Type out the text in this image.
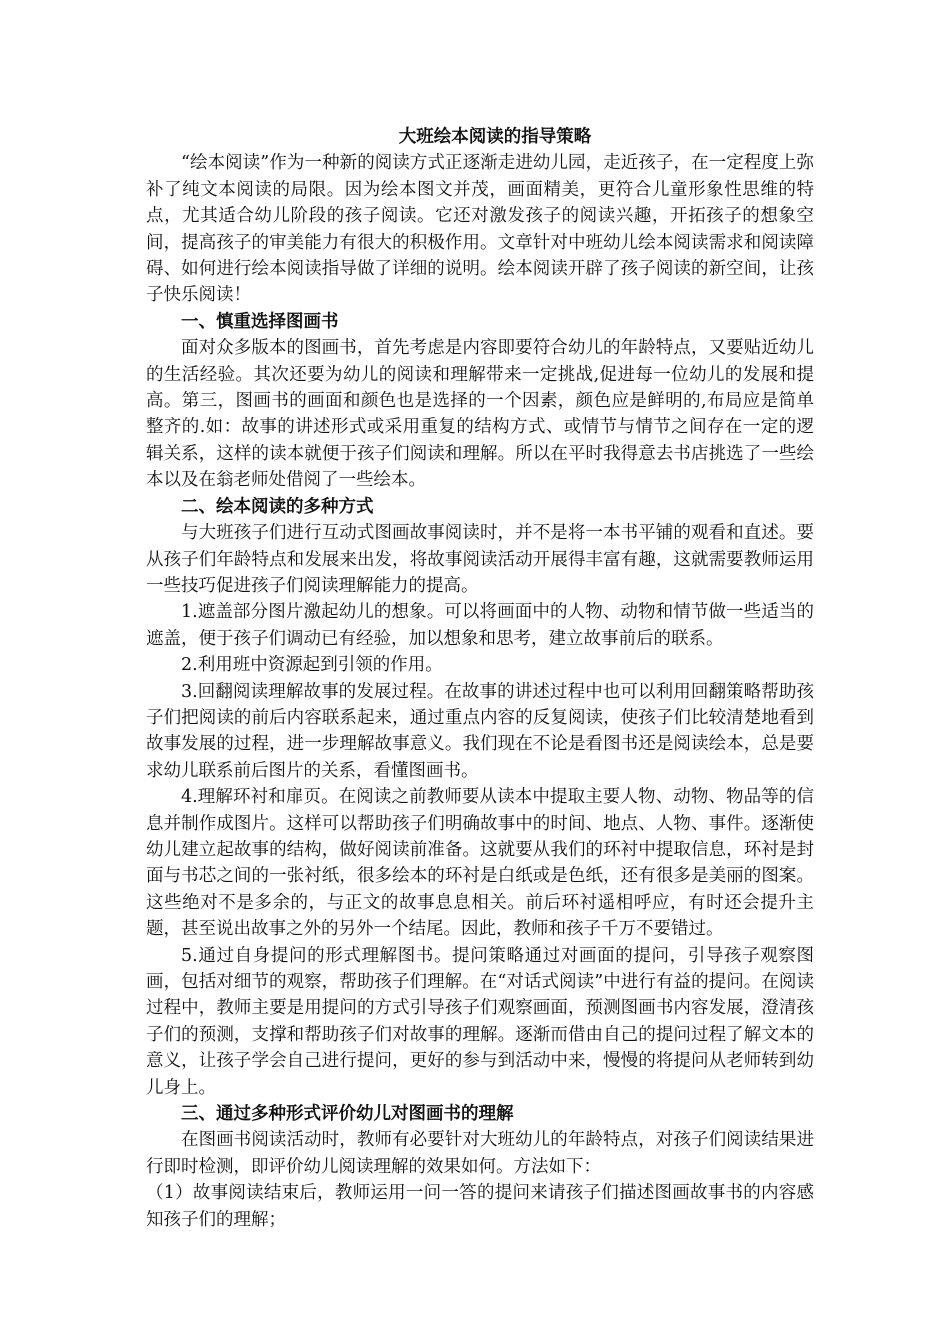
大班绘本阅读的指导策略

“绘本阅读”作为一种新的阅读方式正逐渐走进幼儿园，走近孩子，在一定程度上弥补了纯文本阅读的局限。因为绘本图文并茂，画面精美，更符合儿童形象性思维的特点，尤其适合幼儿阶段的孩子阅读。它还对激发孩子的阅读兴趣，开拓孩子的想象空间，提高孩子的审美能力有很大的积极作用。文章针对中班幼儿绘本阅读需求和阅读障碍、如何进行绘本阅读指导做了详细的说明。绘本阅读开辟了孩子阅读的新空间，让孩子快乐阅读！

一、慎重选择图画书

面对众多版本的图画书，首先考虑是内容即要符合幼儿的年龄特点，又要贴近幼儿的生活经验。其次还要为幼儿的阅读和理解带来一定挑战,促进每一位幼儿的发展和提高。第三，图画书的画面和颜色也是选择的一个因素，颜色应是鲜明的,布局应是简单整齐的.如：故事的讲述形式或采用重复的结构方式、或情节与情节之间存在一定的逻辑关系，这样的读本就便于孩子们阅读和理解。所以在平时我得意去书店挑选了一些绘本以及在翁老师处借阅了一些绘本。

二、绘本阅读的多种方式

与大班孩子们进行互动式图画故事阅读时，并不是将一本书平铺的观看和直述。要从孩子们年龄特点和发展来出发，将故事阅读活动开展得丰富有趣，这就需要教师运用一些技巧促进孩子们阅读理解能力的提高。

1.遮盖部分图片激起幼儿的想象。可以将画面中的人物、动物和情节做一些适当的遮盖，便于孩子们调动已有经验，加以想象和思考，建立故事前后的联系。

2.利用班中资源起到引领的作用。

3.回翻阅读理解故事的发展过程。在故事的讲述过程中也可以利用回翻策略帮助孩子们把阅读的前后内容联系起来，通过重点内容的反复阅读，使孩子们比较清楚地看到故事发展的过程，进一步理解故事意义。我们现在不论是看图书还是阅读绘本，总是要求幼儿联系前后图片的关系，看懂图画书。

4.理解环衬和扉页。在阅读之前教师要从读本中提取主要人物、动物、物品等的信息并制作成图片。这样可以帮助孩子们明确故事中的时间、地点、人物、事件。逐渐使幼儿建立起故事的结构，做好阅读前准备。这就要从我们的环衬中提取信息，环衬是封面与书芯之间的一张衬纸，很多绘本的环衬是白纸或是色纸，还有很多是美丽的图案。这些绝对不是多余的，与正文的故事息息相关。前后环衬遥相呼应，有时还会提升主题，甚至说出故事之外的另外一个结尾。因此，教师和孩子千万不要错过。

5.通过自身提问的形式理解图书。提问策略通过对画面的提问，引导孩子观察图画，包括对细节的观察，帮助孩子们理解。在“对话式阅读”中进行有益的提问。在阅读过程中，教师主要是用提问的方式引导孩子们观察画面，预测图画书内容发展，澄清孩子们的预测，支撑和帮助孩子们对故事的理解。逐渐而借由自己的提问过程了解文本的意义，让孩子学会自己进行提问，更好的参与到活动中来，慢慢的将提问从老师转到幼儿身上。

三、通过多种形式评价幼儿对图画书的理解

在图画书阅读活动时，教师有必要针对大班幼儿的年龄特点，对孩子们阅读结果进行即时检测，即评价幼儿阅读理解的效果如何。方法如下：

（1）故事阅读结束后，教师运用一问一答的提问来请孩子们描述图画故事书的内容感知孩子们的理解；
